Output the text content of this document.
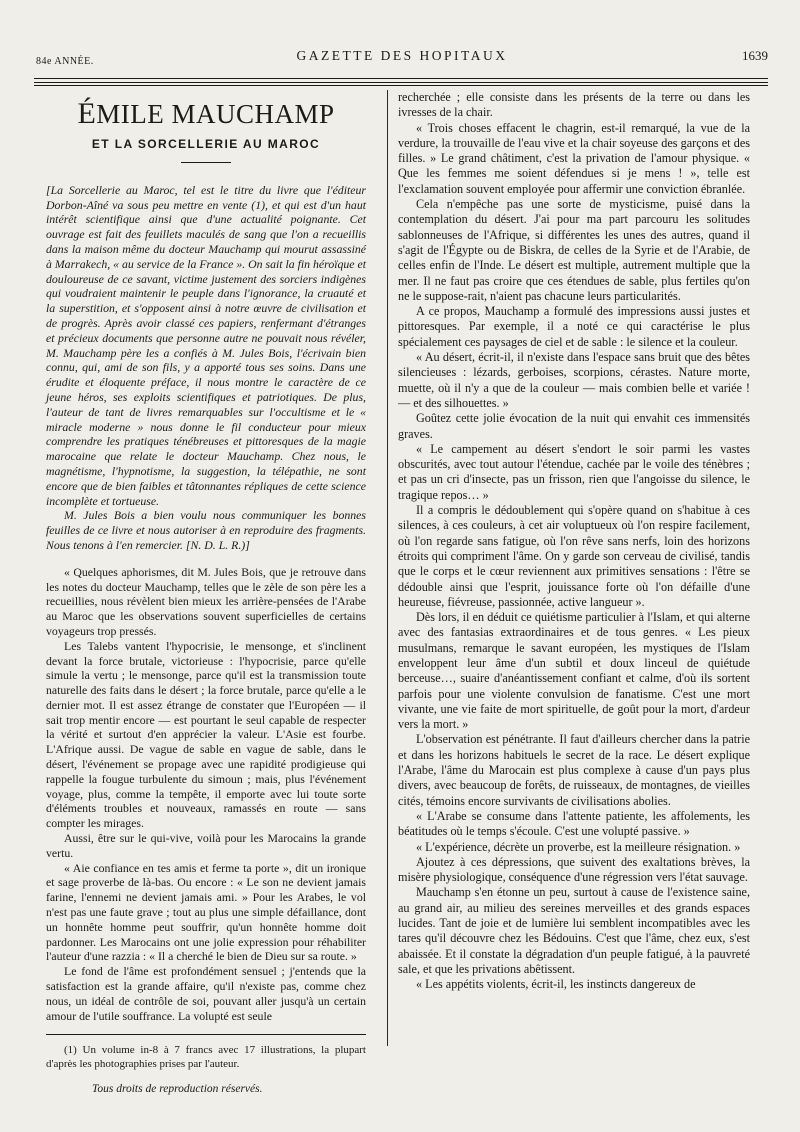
84e ANNÉE.	GAZETTE DES HOPITAUX	1639
ÉMILE MAUCHAMP
ET LA SORCELLERIE AU MAROC

[La Sorcellerie au Maroc, tel est le titre du livre que l'éditeur Dorbon-Aîné va sous peu mettre en vente (1), et qui est d'un haut intérêt scientifique ainsi que d'une actualité poignante. Cet ouvrage est fait des feuillets maculés de sang que l'on a recueillis dans la maison même du docteur Mauchamp qui mourut assassiné à Marrakech, « au service de la France ». On sait la fin héroïque et douloureuse de ce savant, victime justement des sorciers indigènes qui voudraient maintenir le peuple dans l'ignorance, la cruauté et la superstition, et s'opposent ainsi à notre œuvre de civilisation et de progrès. Après avoir classé ces papiers, renfermant d'étranges et précieux documents que personne autre ne pouvait nous révéler, M. Mauchamp père les a confiés à M. Jules Bois, l'écrivain bien connu, qui, ami de son fils, y a apporté tous ses soins. Dans une érudite et éloquente préface, il nous montre le caractère de ce jeune héros, ses exploits scientifiques et patriotiques. De plus, l'auteur de tant de livres remarquables sur l'occultisme et le « miracle moderne » nous donne le fil conducteur pour mieux comprendre les pratiques ténébreuses et pittoresques de la magie marocaine que relate le docteur Mauchamp. Chez nous, le magnétisme, l'hypnotisme, la suggestion, la télépathie, ne sont encore que de bien faibles et tâtonnantes répliques de cette science incomplète et tortueuse.

M. Jules Bois a bien voulu nous communiquer les bonnes feuilles de ce livre et nous autoriser à en reproduire des fragments. Nous tenons à l'en remercier. [N. D. L. R.)]

« Quelques aphorismes, dit M. Jules Bois, que je retrouve dans les notes du docteur Mauchamp, telles que le zèle de son père les a recueillies, nous révèlent bien mieux les arrière-pensées de l'Arabe au Maroc que les observations souvent superficielles de certains voyageurs trop pressés.

Les Talebs vantent l'hypocrisie, le mensonge, et s'inclinent devant la force brutale, victorieuse : l'hypocrisie, parce qu'elle simule la vertu ; le mensonge, parce qu'il est la transmission toute naturelle des faits dans le désert ; la force brutale, parce qu'elle a le dernier mot. Il est assez étrange de constater que l'Européen — il sait trop mentir encore — est pourtant le seul capable de respecter la vérité et surtout d'en apprécier la valeur. L'Asie est fourbe. L'Afrique aussi. De vague de sable en vague de sable, dans le désert, l'événement se propage avec une rapidité prodigieuse qui rappelle la fougue turbulente du simoun ; mais, plus l'événement voyage, plus, comme la tempête, il emporte avec lui toute sorte d'éléments troubles et nouveaux, ramassés en route — sans compter les mirages.

Aussi, être sur le qui-vive, voilà pour les Marocains la grande vertu.

« Aie confiance en tes amis et ferme ta porte », dit un ironique et sage proverbe de là-bas. Ou encore : « Le son ne devient jamais farine, l'ennemi ne devient jamais ami. » Pour les Arabes, le vol n'est pas une faute grave ; tout au plus une simple défaillance, dont un honnête homme peut souffrir, qu'un honnête homme doit pardonner. Les Marocains ont une jolie expression pour réhabiliter l'auteur d'une razzia : « Il a cherché le bien de Dieu sur sa route. »

Le fond de l'âme est profondément sensuel ; j'entends que la satisfaction est la grande affaire, qu'il n'existe pas, comme chez nous, un idéal de contrôle de soi, pouvant aller jusqu'à un certain amour de l'utile souffrance. La volupté est seule

(1) Un volume in-8 à 7 francs avec 17 illustrations, la plupart d'après les photographies prises par l'auteur.

recherchée ; elle consiste dans les présents de la terre ou dans les ivresses de la chair.

« Trois choses effacent le chagrin, est-il remarqué, la vue de la verdure, la trouvaille de l'eau vive et la chair soyeuse des garçons et des filles. » Le grand châtiment, c'est la privation de l'amour physique. « Que les femmes me soient défendues si je mens ! », telle est l'exclamation souvent employée pour affermir une conviction ébranlée.

Cela n'empêche pas une sorte de mysticisme, puisé dans la contemplation du désert. J'ai pour ma part parcouru les solitudes sablonneuses de l'Afrique, si différentes les unes des autres, quand il s'agit de l'Égypte ou de Biskra, de celles de la Syrie et de l'Arabie, de celles enfin de l'Inde. Le désert est multiple, autrement multiple que la mer. Il ne faut pas croire que ces étendues de sable, plus fertiles qu'on ne le suppose-rait, n'aient pas chacune leurs particularités.

A ce propos, Mauchamp a formulé des impressions aussi justes et pittoresques. Par exemple, il a noté ce qui caractérise le plus spécialement ces paysages de ciel et de sable : le silence et la couleur.

« Au désert, écrit-il, il n'existe dans l'espace sans bruit que des bêtes silencieuses : lézards, gerboises, scorpions, cérastes. Nature morte, muette, où il n'y a que de la couleur — mais combien belle et variée ! — et des silhouettes. »

Goûtez cette jolie évocation de la nuit qui envahit ces immensités graves.

« Le campement au désert s'endort le soir parmi les vastes obscurités, avec tout autour l'étendue, cachée par le voile des ténèbres ; et pas un cri d'insecte, pas un frisson, rien que l'angoisse du silence, le tragique repos… »

Il a compris le dédoublement qui s'opère quand on s'habitue à ces silences, à ces couleurs, à cet air voluptueux où l'on respire facilement, où l'on regarde sans fatigue, où l'on rêve sans nerfs, loin des horizons étroits qui compriment l'âme. On y garde son cerveau de civilisé, tandis que le corps et le cœur reviennent aux primitives sensations : l'être se dédouble ainsi que l'esprit, jouissance forte où l'on défaille d'une heureuse, fiévreuse, passionnée, active langueur ».

Dès lors, il en déduit ce quiétisme particulier à l'Islam, et qui alterne avec des fantasias extraordinaires et de tous genres. « Les pieux musulmans, remarque le savant européen, les mystiques de l'Islam enveloppent leur âme d'un subtil et doux linceul de quiétude berceuse…, suaire d'anéantissement confiant et calme, d'où ils sortent parfois pour une violente convulsion de fanatisme. C'est une mort vivante, une vie faite de mort spirituelle, de goût pour la mort, d'ardeur vers la mort. »

L'observation est pénétrante. Il faut d'ailleurs chercher dans la patrie et dans les horizons habituels le secret de la race. Le désert explique l'Arabe, l'âme du Marocain est plus complexe à cause d'un pays plus divers, avec beaucoup de forêts, de ruisseaux, de montagnes, de vieilles cités, témoins encore survivants de civilisations abolies.

« L'Arabe se consume dans l'attente patiente, les affolements, les béatitudes où le temps s'écoule. C'est une volupté passive. »

« L'expérience, décrète un proverbe, est la meilleure résignation. »

Ajoutez à ces dépressions, que suivent des exaltations brèves, la misère physiologique, conséquence d'une régression vers l'état sauvage.

Mauchamp s'en étonne un peu, surtout à cause de l'existence saine, au grand air, au milieu des sereines merveilles et des grands espaces lucides. Tant de joie et de lumière lui semblent incompatibles avec les tares qu'il découvre chez les Bédouins. C'est que l'âme, chez eux, s'est abaissée. Et il constate la dégradation d'un peuple fatigué, à la pauvreté sale, et que les privations abêtissent.

« Les appétits violents, écrit-il, les instincts dangereux de

Tous droits de reproduction réservés.
